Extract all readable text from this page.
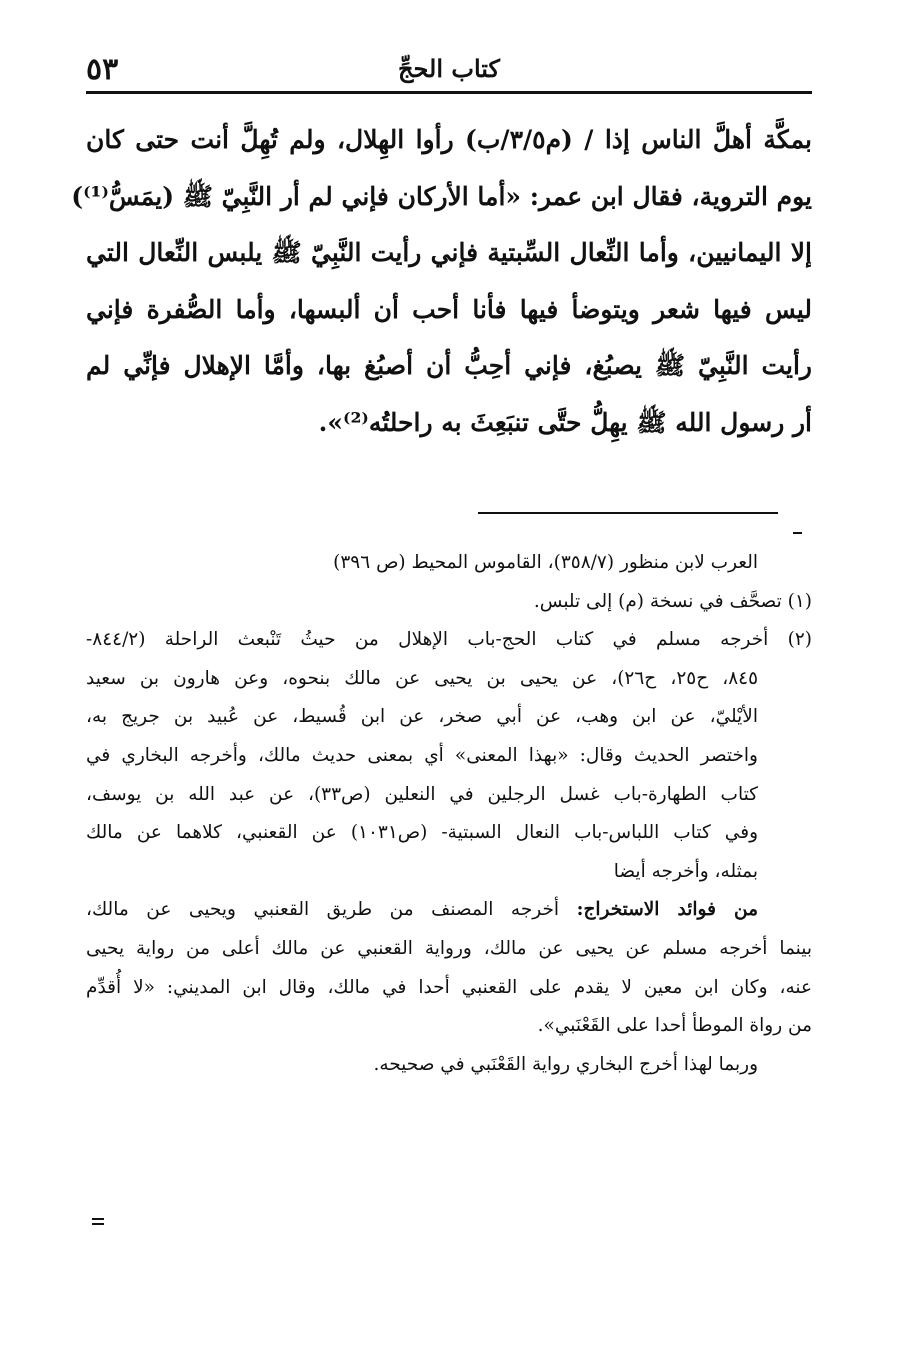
٥٣	كتاب الحجِّ
بمكَّة أهلَّ الناس إذا / (م٣/٥/ب) رأوا الهِلال، ولم تُهِلَّ أنت حتى كان
يوم التروية، فقال ابن عمر: «أما الأركان فإني لم أر النَّبِيّ ﷺ (يمَسُّ⁽¹⁾)
إلا اليمانيين، وأما النِّعال السِّبتية فإني رأيت النَّبِيّ ﷺ يلبس النِّعال التي
ليس فيها شعر ويتوضأ فيها فأنا أحب أن ألبسها، وأما الصُّفرة فإني
رأيت النَّبِيّ ﷺ يصبُغ، فإني أحِبُّ أن أصبُغ بها، وأمَّا الإهلال فإنِّي لم
أر رسول الله ﷺ يهِلُّ حتَّى تنبَعِثَ به راحلتُه⁽²⁾».
العرب لابن منظور (٣٥٨/٧)، القاموس المحيط (ص ٣٩٦)
(١) تصحَّف في نسخة (م) إلى تلبس.
(٢) أخرجه مسلم في كتاب الحج-باب الإهلال من حيثُ تَنْبعث الراحلة (٨٤٤/٢-
٨٤٥، ح٢٥، ح٢٦)، عن يحيى بن يحيى عن مالك بنحوه، وعن هارون بن سعيد
الأيْليّ، عن ابن وهب، عن أبي صخر، عن ابن قُسيط، عن عُبيد بن جريج به،
واختصر الحديث وقال: «بهذا المعنى» أي بمعنى حديث مالك، وأخرجه البخاري في
كتاب الطهارة-باب غسل الرجلين في النعلين (ص٣٣)، عن عبد الله بن يوسف،
وفي كتاب اللباس-باب النعال السبتية- (ص١٠٣١) عن القعنبي، كلاهما عن مالك
بمثله، وأخرجه أيضا
من فوائد الاستخراج: أخرجه المصنف من طريق القعنبي ويحيى عن مالك،
بينما أخرجه مسلم عن يحيى عن مالك، ورواية القعنبي عن مالك أعلى من رواية يحيى
عنه، وكان ابن معين لا يقدم على القعنبي أحدا في مالك، وقال ابن المديني: «لا أُقدِّم
من رواة الموطأ أحدا على القَعْنَبي».
وربما لهذا أخرج البخاري رواية القَعْنَبي في صحيحه.
